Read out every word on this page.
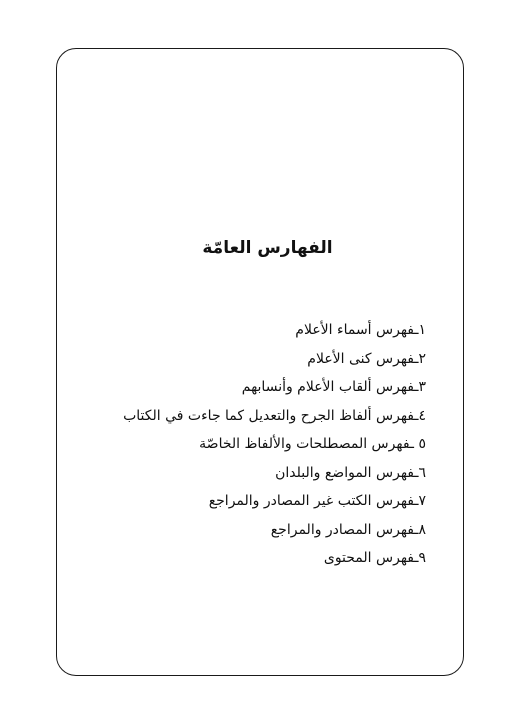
الفهارس العامّة
١ـفهرس أسماء الأعلام
٢ـفهرس كنى الأعلام
٣ـفهرس ألقاب الأعلام وأنسابهم
٤ـفهرس ألفاظ الجرح والتعديل كما جاءت في الكتاب
٥ ـفهرس المصطلحات والألفاظ الخاصّة
٦ـفهرس المواضع والبلدان
٧ـفهرس الكتب غير المصادر والمراجع
٨ـفهرس المصادر والمراجع
٩ـفهرس المحتوى
